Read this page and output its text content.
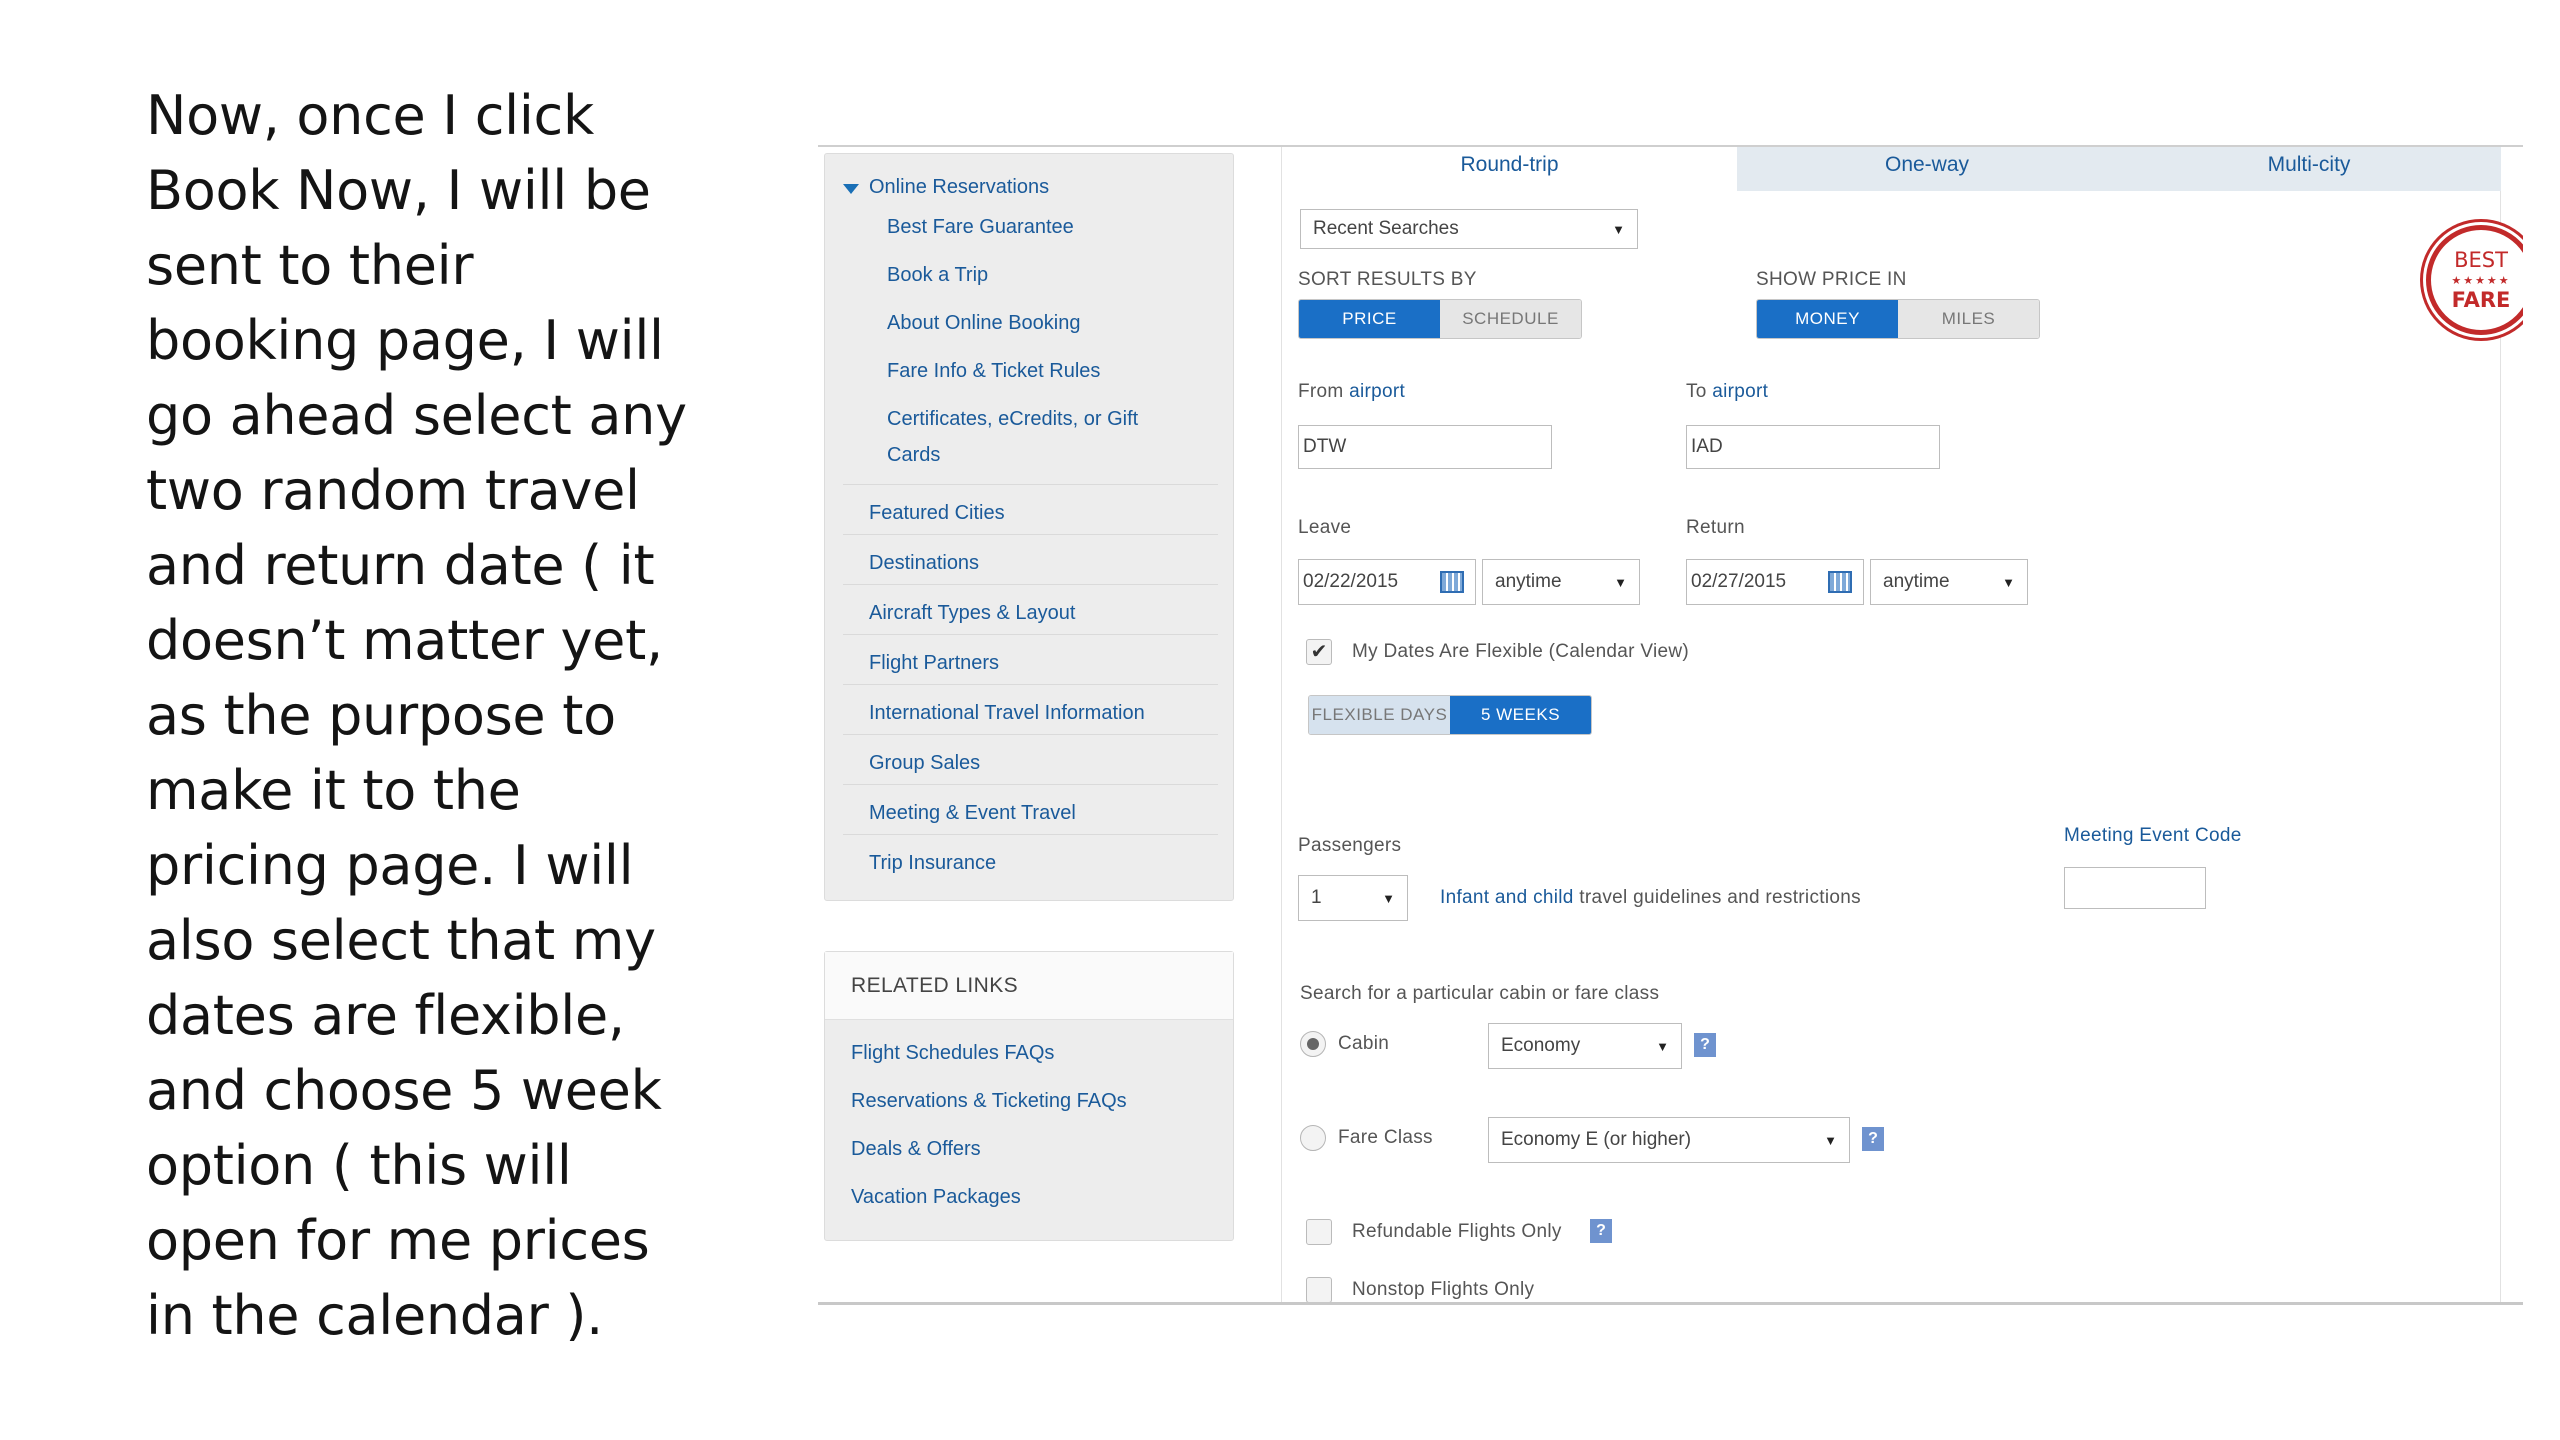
Now, once I click
Book Now, I will be
sent to their
booking page, I will
go ahead select any
two random travel
and return date ( it
doesn’t matter yet,
as the purpose to
make it to the
pricing page. I will
also select that my
dates are flexible,
and choose 5 week
option ( this will
open for me prices
in the calendar ).
Online Reservations
Best Fare Guarantee
Book a Trip
About Online Booking
Fare Info & Ticket Rules
Certificates, eCredits, or Gift
Cards
Featured Cities
Destinations
Aircraft Types & Layout
Flight Partners
International Travel Information
Group Sales
Meeting & Event Travel
Trip Insurance
RELATED LINKS
Flight Schedules FAQs
Reservations & Ticketing FAQs
Deals & Offers
Vacation Packages
Round-trip	One-way	Multi-city
Recent Searches	▼
SORT RESULTS BY
PRICE	SCHEDULE
SHOW PRICE IN
MONEY	MILES
BEST
★★★★★
FARE
From airport
DTW
To airport
IAD
Leave
02/22/2015	anytime	▼
Return
02/27/2015	anytime	▼
✔ My Dates Are Flexible (Calendar View)
FLEXIBLE DAYS	5 WEEKS
Passengers
1	▼ Infant and child travel guidelines and restrictions
Meeting Event Code
Search for a particular cabin or fare class
Cabin	Economy	▼	?
Fare Class	Economy E (or higher)	▼	?
Refundable Flights Only	?
Nonstop Flights Only
